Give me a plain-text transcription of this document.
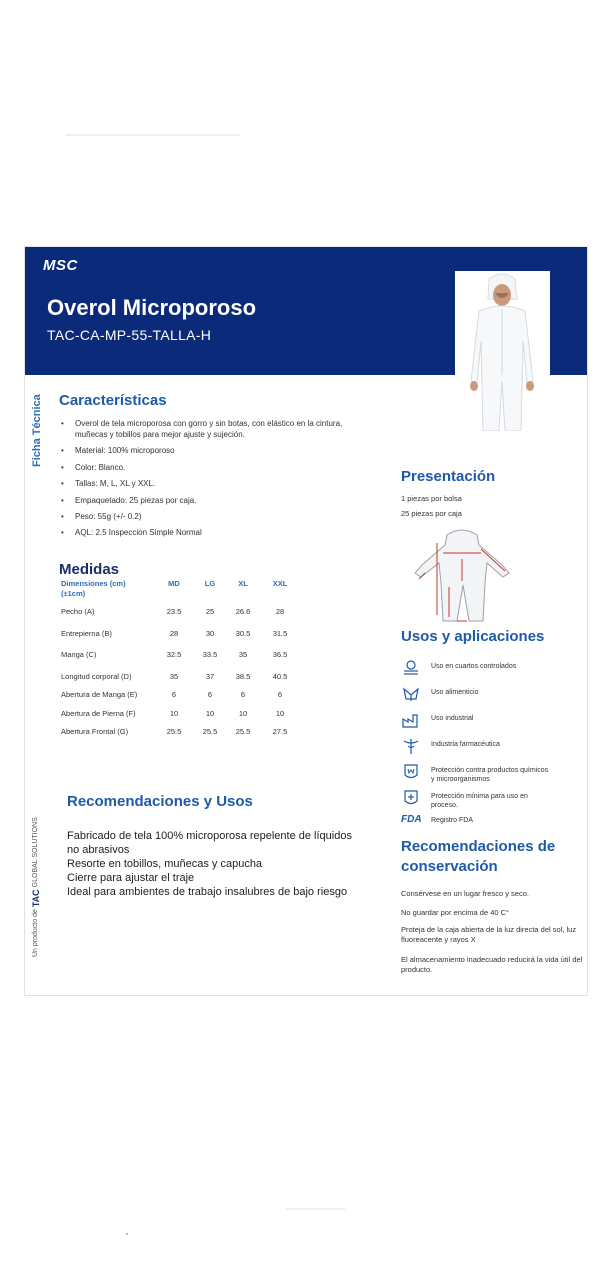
MSC
Overol Microporoso
TAC-CA-MP-55-TALLA-H
Ficha Técnica Características
• Overol de tela microporosa con gorro y sin botas, con elástico en la cintura,
muñecas y tobillos para mejor ajuste y sujeción.
• Material: 100% microporoso
• Color: Blanco.
• Tallas: M, L, XL y XXL.
• Empaquetado: 25 piezas por caja.
• Peso: 55g (+/- 0.2)
• AQL: 2.5 Inspeccion Simple Normal
Medidas
Dimensiones (cm)
(±1cm)
MD	LG	XL	XXL
Pecho (A)	23.5	25	26.6	28
Entrepierna (B)	28	30	30.5	31.5
Manga (C)	32.5	33.5	35	36.5
Longitud corporal (D)	35	37	38.5	40.5
Abertura de Manga (E)	6	6	6	6
Abertura de Pierna (F)	10	10	10	10
Abertura Frontal (G)	25.5	25.5	25.5	27.5
Presentación
1 piezas por bolsa
25 piezas por caja
Usos y aplicaciones
Uso en cuartos controlados
Uso alimenticio
Uso industrial
Industria farmacéutica
Protección contra productos químicos y microorganismos
Protección mínima para uso en proceso.
FDA Registro FDA
Recomendaciones y Usos
Fabricado de tela 100% microporosa repelente de líquidos
no abrasivos
Resorte en tobillos, muñecas y capucha
Cierre para ajustar el traje
Ideal para ambientes de trabajo insalubres de bajo riesgo
Recomendaciones de conservación
Consérvese en un lugar fresco y seco.
No guardar por encima de 40 C°
Proteja de la caja abierta de la luz directa del sol, luz fluoreacente y rayos X
El almacenamiento inadecuado reducirá la vida útil del producto.
Un producto de TAC GLOBAL SOLUTIONS
